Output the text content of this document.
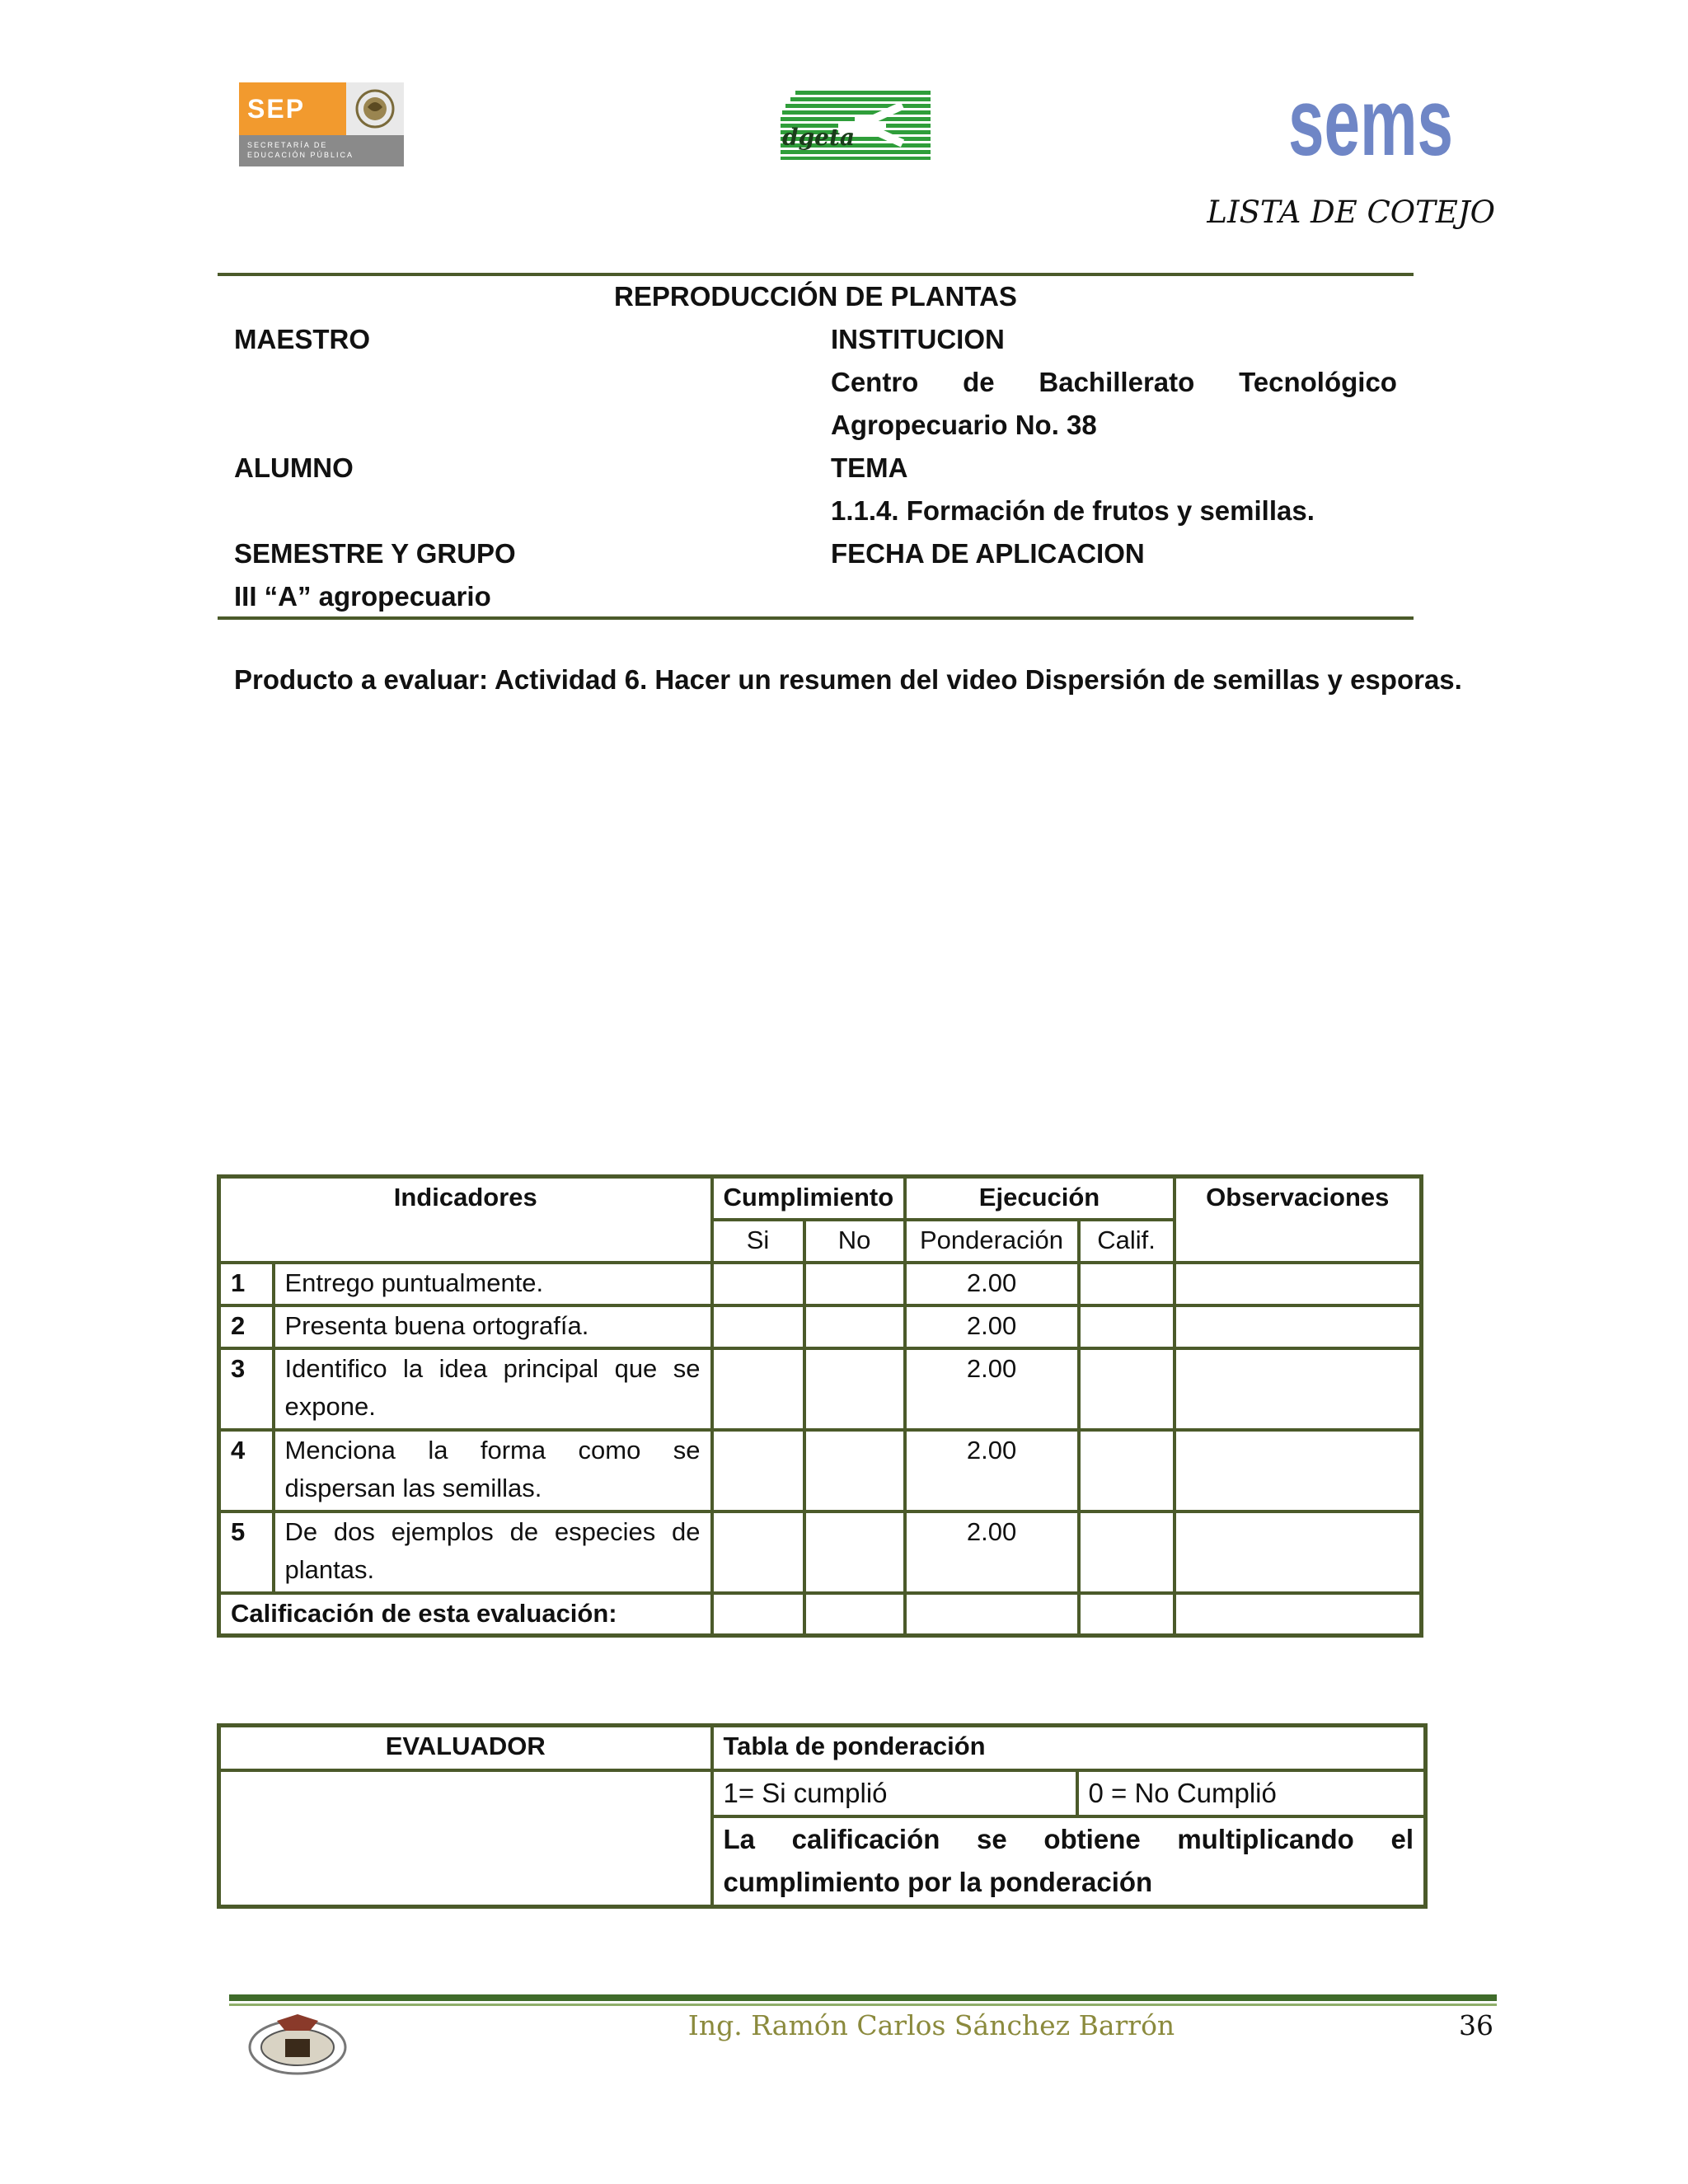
SEP
SECRETARÍA DE
EDUCACIÓN PÚBLICA
dgeta	sems
LISTA DE COTEJO
REPRODUCCIÓN DE PLANTAS
MAESTRO	INSTITUCION
Centro de Bachillerato Tecnológico
Agropecuario No. 38
ALUMNO	TEMA
1.1.4. Formación de frutos y semillas.
SEMESTRE Y GRUPO	FECHA DE APLICACION
III “A” agropecuario
Producto a evaluar: Actividad 6. Hacer un resumen del video Dispersión de semillas y esporas.
Indicadores		Cumplimiento		Ejecución		Observaciones
		Si	No	Ponderación	Calif.	
1	Entrego puntualmente.			2.00		
2	Presenta buena ortografía.			2.00		
3	Identifico la idea principal que se expone.			2.00		
4	Menciona la forma como se dispersan las semillas.			2.00		
5	De dos ejemplos de especies de plantas.			2.00		
Calificación de esta evaluación:						
EVALUADOR	Tabla de ponderación	
	1= Si cumplió	0 = No Cumplió
	La calificación se obtiene multiplicando el cumplimiento por la ponderación	
Ing. Ramón Carlos Sánchez Barrón	36
